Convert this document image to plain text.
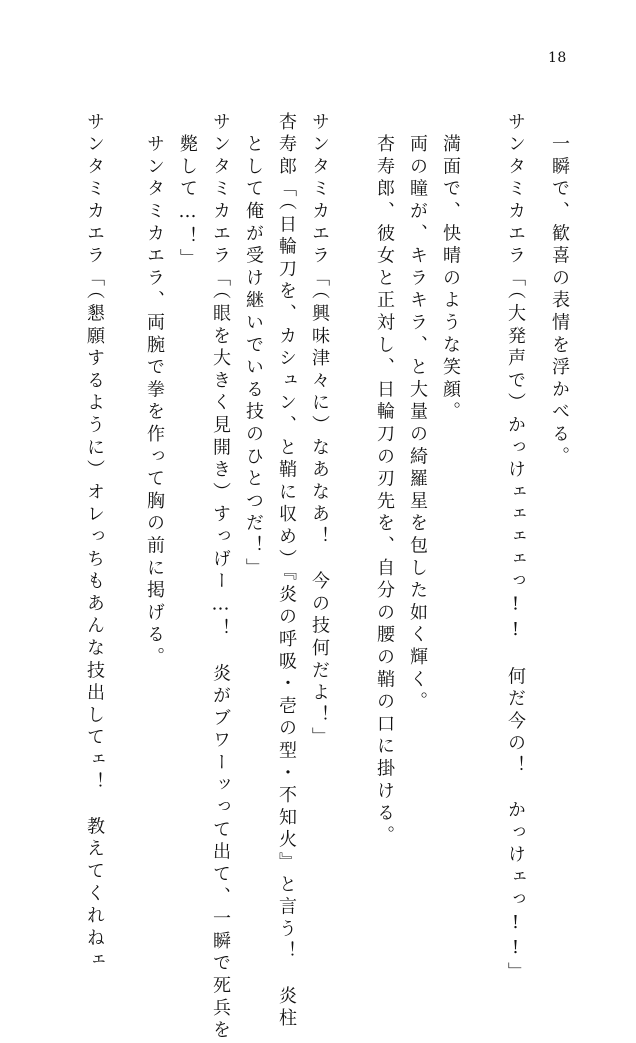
18
　一瞬で、歓喜の表情を浮かべる。
サンタミカエラ「（大発声で）かっけェェェェっ!!　何だ今の！　かっけェっ!!」
　満面で、快晴のような笑顔。
　両の瞳が、キラキラ、と大量の綺羅星を包した如く輝く。
　杏寿郎、彼女と正対し、日輪刀の刃先を、自分の腰の鞘の口に掛ける。
サンタミカエラ「（興味津々に）なあなあ！　今の技何だよ！」
杏寿郎「（日輪刀を、カシュン、と鞘に収め）『炎の呼吸・壱の型・不知火』と言う！　炎柱
　として俺が受け継いでいる技のひとつだ！」
サンタミカエラ「（眼を大きく見開き）すっげー…！　炎がブワーッって出て、一瞬で死兵を
　斃して…！」
　サンタミカエラ、両腕で拳を作って胸の前に掲げる。
サンタミカエラ「（懇願するように）オレっちもあんな技出してェ！　教えてくれねェ
